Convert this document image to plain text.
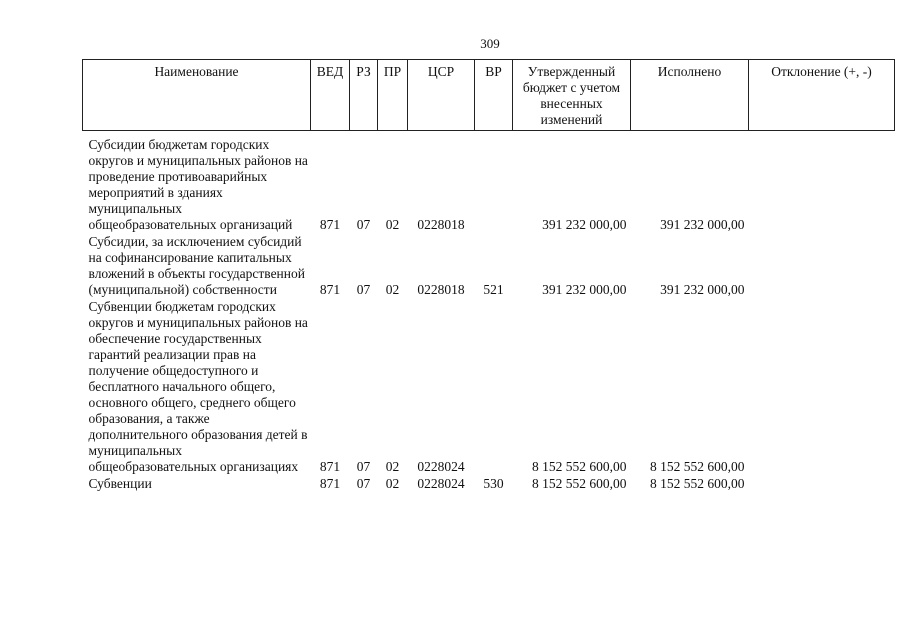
309
Наименование	ВЕД	РЗ	ПР	ЦСР	ВР	Утвержденный бюджет с учетом внесенных изменений	Исполнено	Отклонение (+, -)
Субсидии бюджетам городских округов и муниципальных районов на проведение противоаварийных мероприятий в зданиях муниципальных общеобразовательных организаций	871	07	02	0228018		391 232 000,00	391 232 000,00	
Субсидии, за исключением субсидий на софинансирование капитальных вложений в объекты государственной (муниципальной) собственности	871	07	02	0228018	521	391 232 000,00	391 232 000,00	
Субвенции бюджетам городских округов и муниципальных районов на обеспечение государственных гарантий реализации прав на получение общедоступного и бесплатного начального общего, основного общего, среднего общего образования, а также дополнительного образования детей в муниципальных общеобразовательных организациях	871	07	02	0228024		8 152 552 600,00	8 152 552 600,00	
Субвенции	871	07	02	0228024	530	8 152 552 600,00	8 152 552 600,00	
